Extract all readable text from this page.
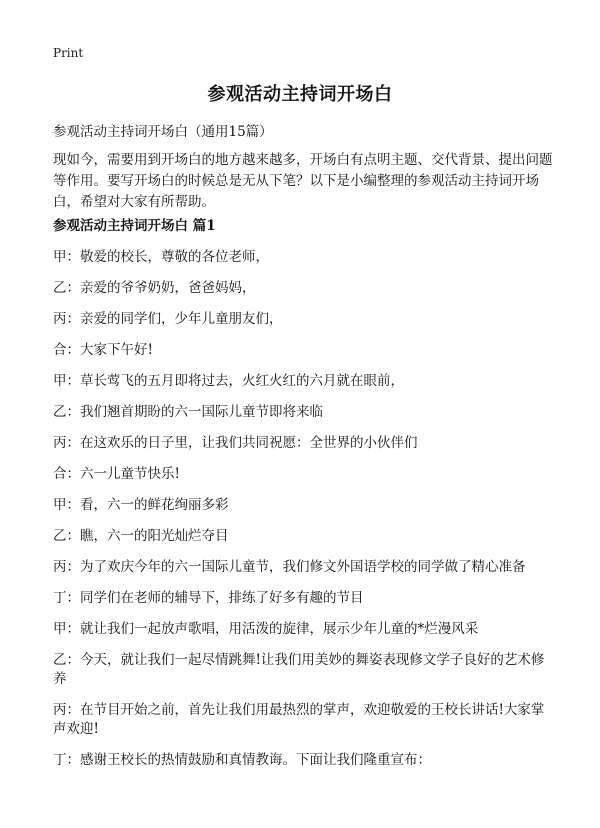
Print
参观活动主持词开场白
参观活动主持词开场白（通用15篇）
现如今，需要用到开场白的地方越来越多，开场白有点明主题、交代背景、提出问题等作用。要写开场白的时候总是无从下笔？以下是小编整理的参观活动主持词开场白，希望对大家有所帮助。
参观活动主持词开场白 篇1
甲：敬爱的校长，尊敬的各位老师，
乙：亲爱的爷爷奶奶，爸爸妈妈，
丙：亲爱的同学们，少年儿童朋友们，
合：大家下午好!
甲：草长莺飞的五月即将过去，火红火红的六月就在眼前，
乙：我们翘首期盼的六一国际儿童节即将来临
丙：在这欢乐的日子里，让我们共同祝愿：全世界的小伙伴们
合：六一儿童节快乐!
甲：看，六一的鲜花绚丽多彩
乙：瞧，六一的阳光灿烂夺目
丙：为了欢庆今年的六一国际儿童节，我们修文外国语学校的同学做了精心准备
丁：同学们在老师的辅导下，排练了好多有趣的节目
甲：就让我们一起放声歌唱，用活泼的旋律，展示少年儿童的*烂漫风采
乙：今天，就让我们一起尽情跳舞!让我们用美妙的舞姿表现修文学子良好的艺术修养
丙：在节目开始之前，首先让我们用最热烈的掌声，欢迎敬爱的王校长讲话!大家掌声欢迎!
丁：感谢王校长的热情鼓励和真情教诲。下面让我们隆重宣布：
